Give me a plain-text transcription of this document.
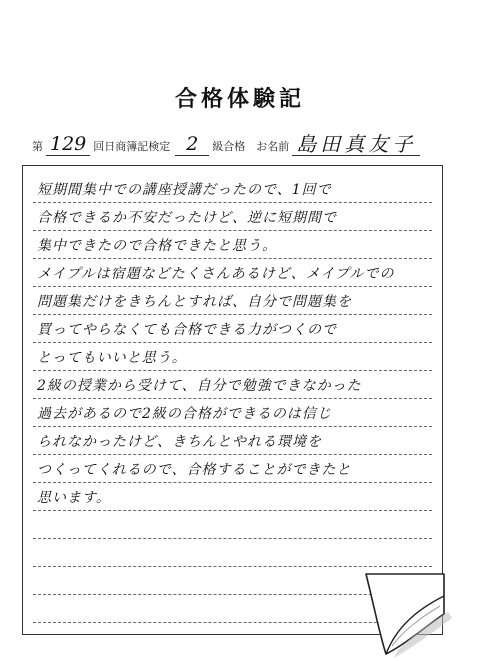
合格体験記
第 129 回日商簿記検定 2	級合格 お名前 島田真友子
短期間集中での講座授講だったので、1回で
合格できるか不安だったけど、逆に短期間で
集中できたので合格できたと思う。
メイプルは宿題などたくさんあるけど、メイプルでの
問題集だけをきちんとすれば、自分で問題集を
買ってやらなくても合格できる力がつくので
とってもいいと思う。
2級の授業から受けて、自分で勉強できなかった
過去があるので2級の合格ができるのは信じ
られなかったけど、きちんとやれる環境を
つくってくれるので、合格することができたと
思います。
